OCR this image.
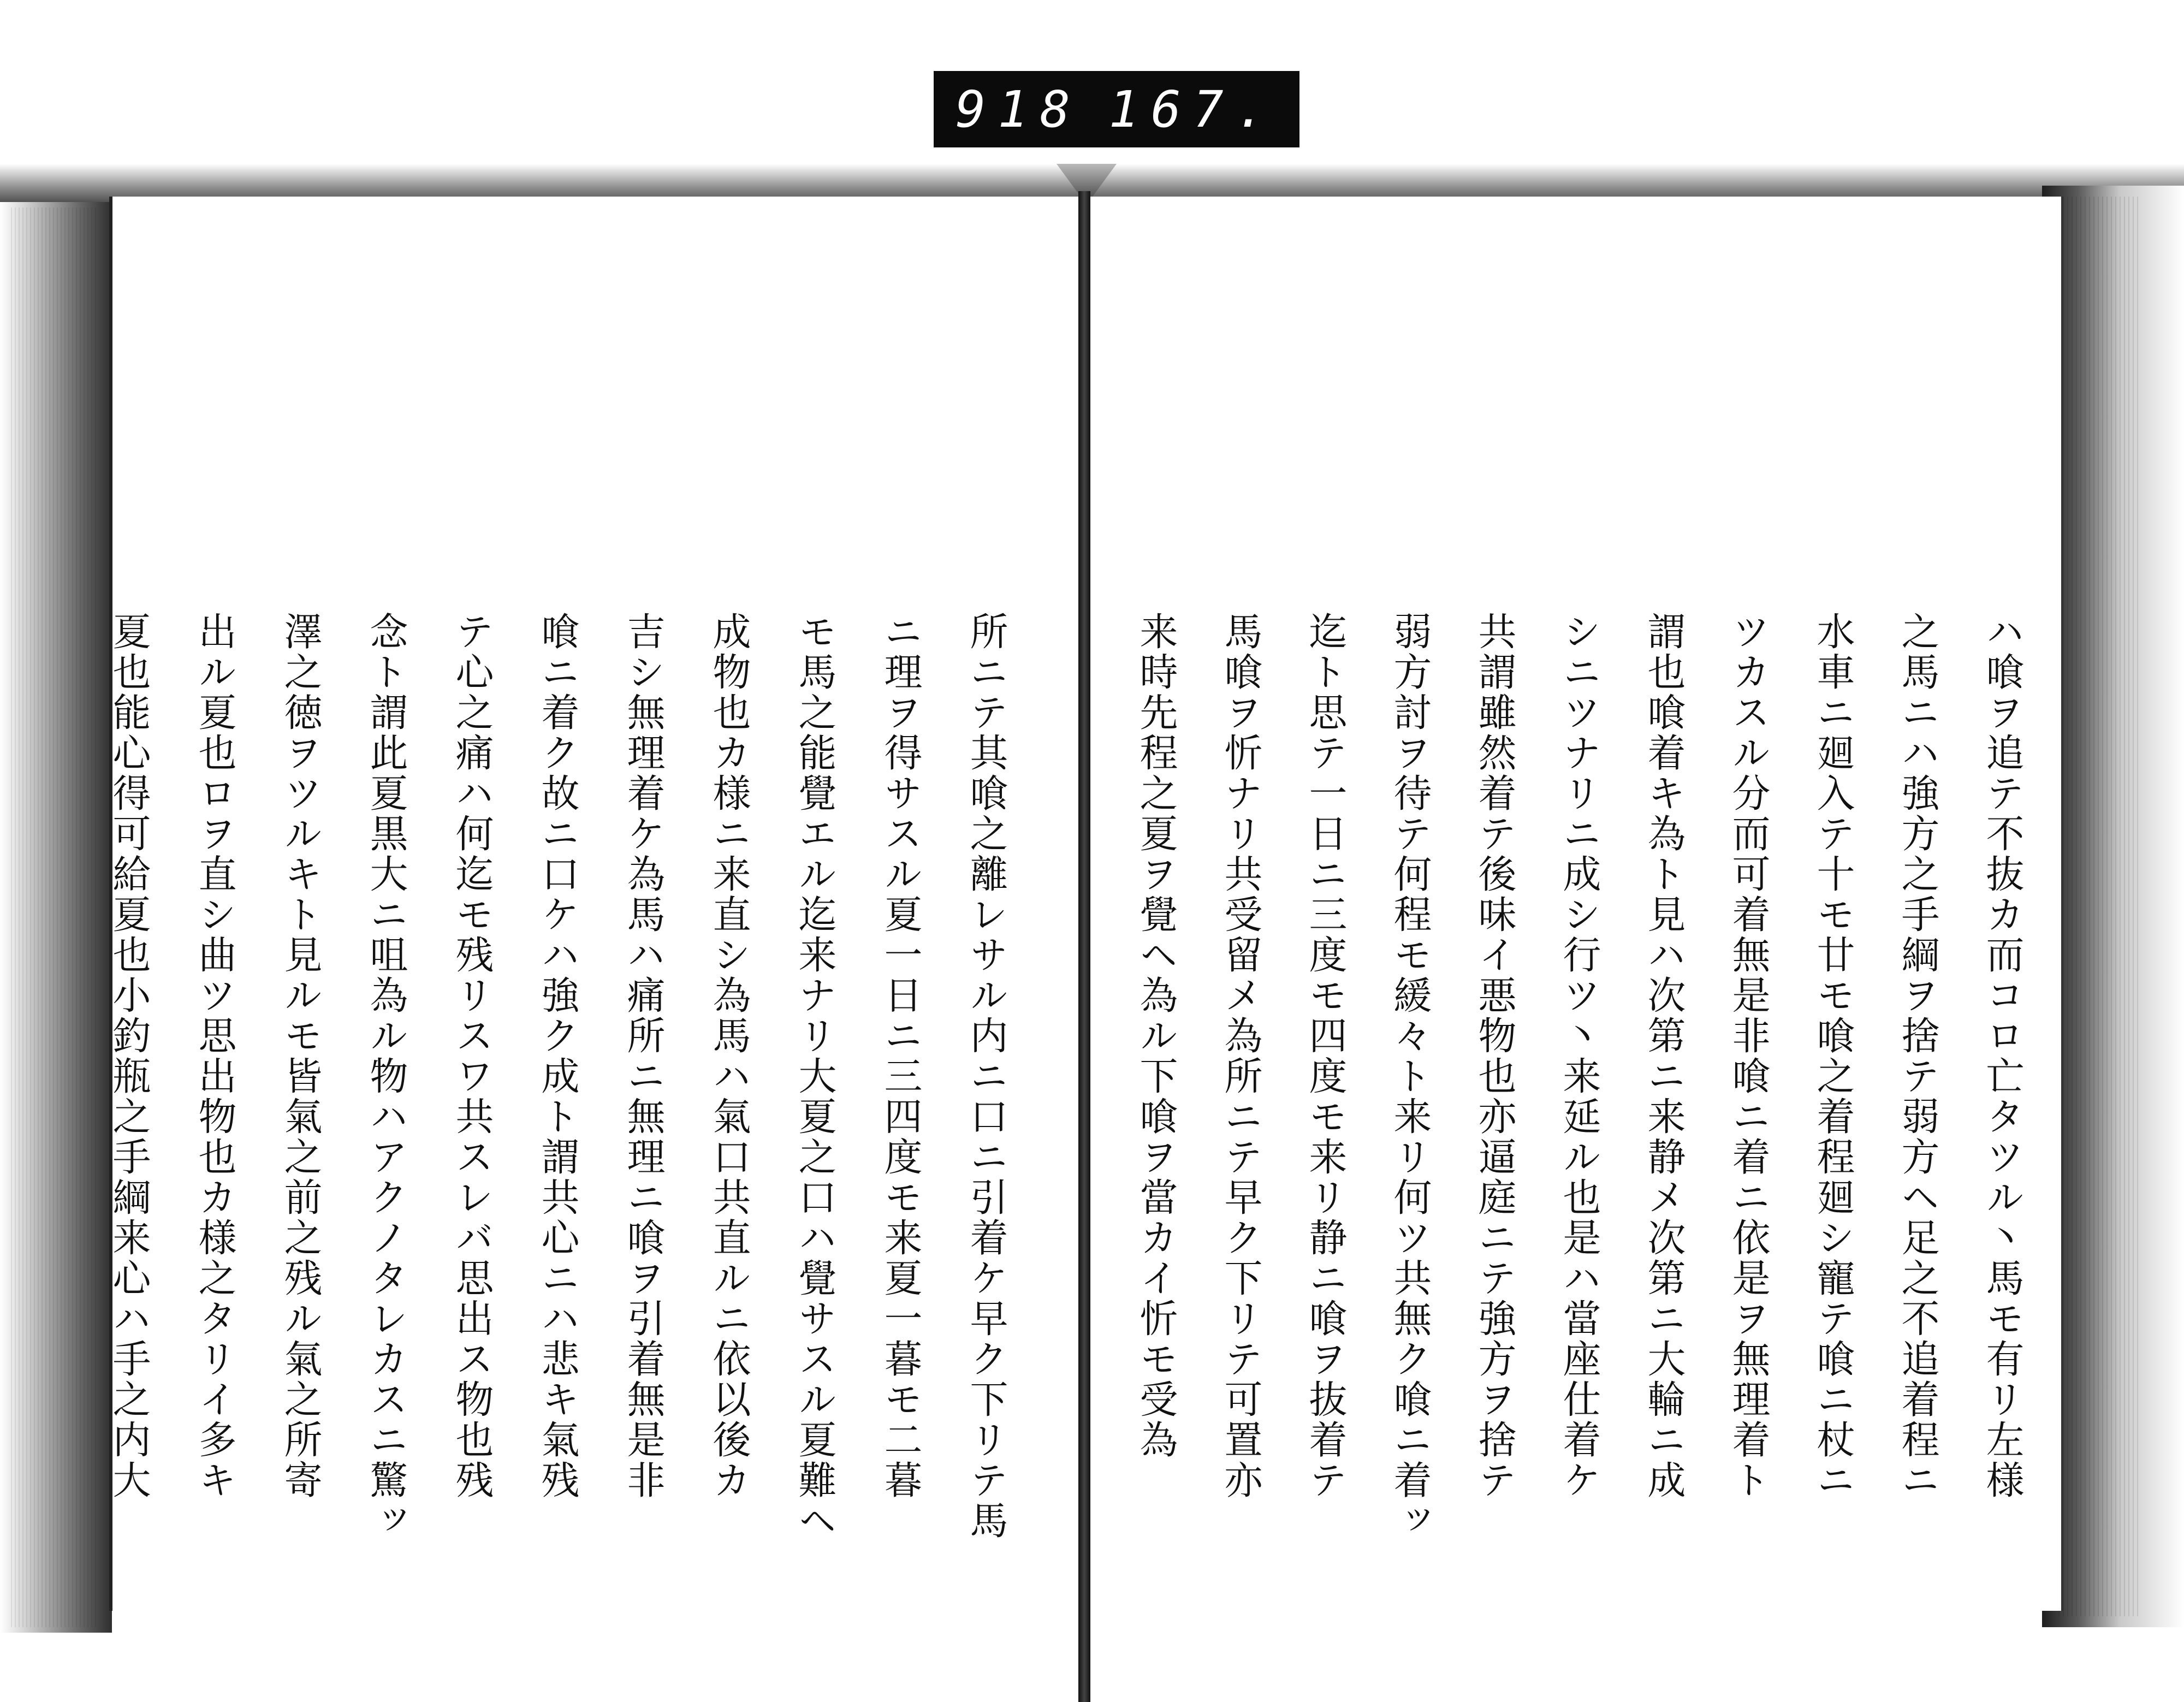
918 167.
所ニテ其喰之離レサル内ニ口ニ引着ケ早ク下リテ馬
ニ理ヲ得サスル夏一日ニ三四度モ来夏一暮モ二暮
モ馬之能覺エル迄来ナリ大夏之口ハ覺サスル夏難ヘ
成物也カ様ニ来直シ為馬ハ氣口共直ルニ依以後カ
吉シ無理着ケ為馬ハ痛所ニ無理ニ喰ヲ引着無是非
喰ニ着ク故ニ口ケハ強ク成ト謂共心ニハ悲キ氣残
テ心之痛ハ何迄モ残リスワ共スレバ思出ス物也残
念ト謂此夏黒大ニ咀為ル物ハアクノタレカスニ驚ッ
澤之徳ヲツルキト見ルモ皆氣之前之残ル氣之所寄
出ル夏也ロヲ直シ曲ツ思出物也カ様之タリイ多キ
夏也能心得可給夏也小釣瓶之手綱来心ハ手之内大	ハ喰ヲ追テ不抜カ而コロ亡タツル丶馬モ有リ左様
之馬ニハ強方之手綱ヲ捨テ弱方ヘ足之不追着程ニ
水車ニ廻入テ十モ廿モ喰之着程廻シ寵テ喰ニ杖ニ
ツカスル分而可着無是非喰ニ着ニ依是ヲ無理着ト
謂也喰着キ為ト見ハ次第ニ来静メ次第ニ大輪ニ成
シニツナリニ成シ行ツ丶来延ル也是ハ當座仕着ケ
共謂雖然着テ後味イ悪物也亦逼庭ニテ強方ヲ捨テ
弱方討ヲ待テ何程モ緩々ト来リ何ツ共無ク喰ニ着ッ
迄ト思テ一日ニ三度モ四度モ来リ静ニ喰ヲ抜着テ
馬喰ヲ忻ナリ共受留メ為所ニテ早ク下リテ可置亦
来時先程之夏ヲ覺ヘ為ル下喰ヲ當カイ忻モ受為
